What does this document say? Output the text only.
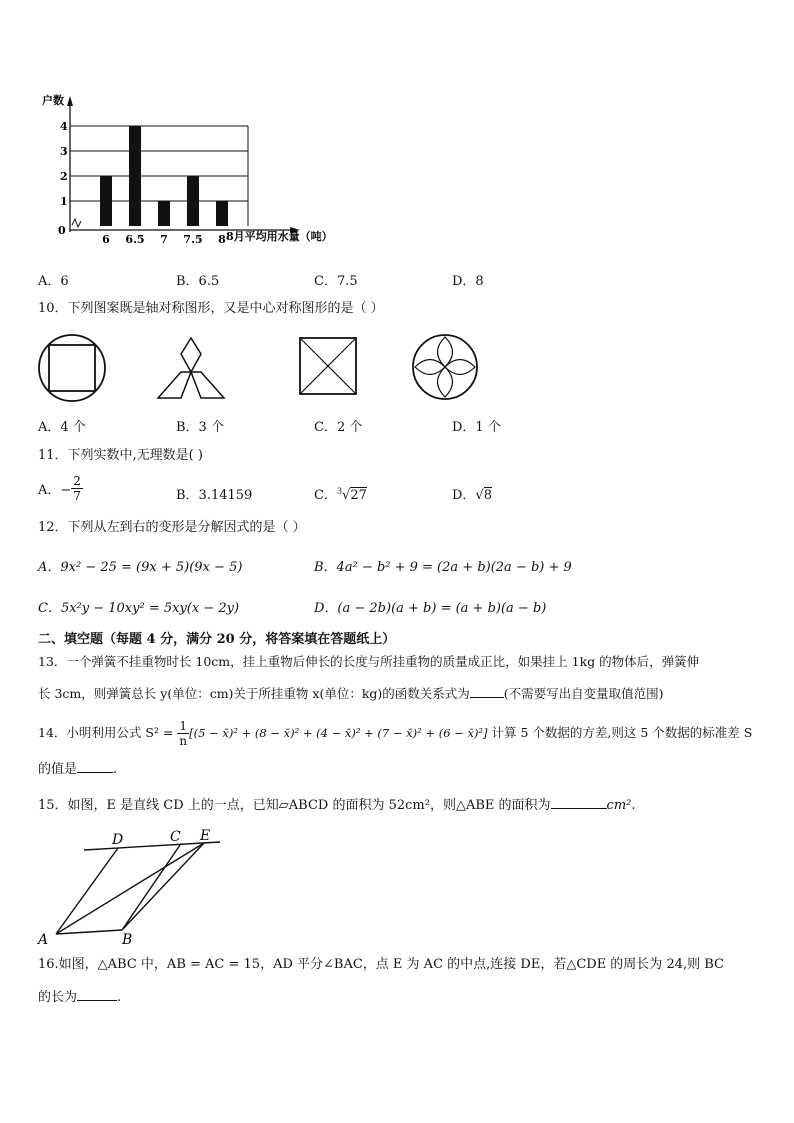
户数
0
1
2
3
4
6 6.5 7 7.5 8 8月平均用水量（吨）
A．6	B．6.5	C．7.5	D．8
10．下列图案既是轴对称图形，又是中心对称图形的是（ ）
A．4 个	B．3 个	C．2 个	D．1 个
11．下列实数中,无理数是( )
A．− $\frac{2}{7}$	B．3.14159	C．$^3$√27	D．√8
12．下列从左到右的变形是分解因式的是（ ）
A．9x² − 25 = (9x + 5)(9x − 5)	B．4a² − b² + 9 = (2a + b)(2a − b) + 9
C．5x²y − 10xy² = 5xy(x − 2y)	D．(a − 2b)(a + b) = (a + b)(a − b)
二、填空题（每题 4 分，满分 20 分，将答案填在答题纸上）
13．一个弹簧不挂重物时长 10cm，挂上重物后伸长的长度与所挂重物的质量成正比，如果挂上 1kg 的物体后，弹簧伸
长 3cm，则弹簧总长 y(单位：cm)关于所挂重物 x(单位：kg)的函数关系式为	(不需要写出自变量取值范围)
14．小明利用公式 $S^2 = \frac{1}{n} [(5$ − x̄)² + (8 − x̄)² + (4 − x̄)² + (7 − x̄)² + (6 − x̄)²] 计算 5 个数据的方差,则这 5 个数据的标准差 S
的值是	.
15．如图，E 是直线 CD 上的一点，已知▱ABCD 的面积为 52cm²，则△ABE 的面积为	cm².
D	C E
A	B
16.如图，△ABC 中，AB = AC = 15，AD 平分∠BAC，点 E 为 AC 的中点,连接 DE，若△CDE 的周长为 24,则 BC
的长为	.
